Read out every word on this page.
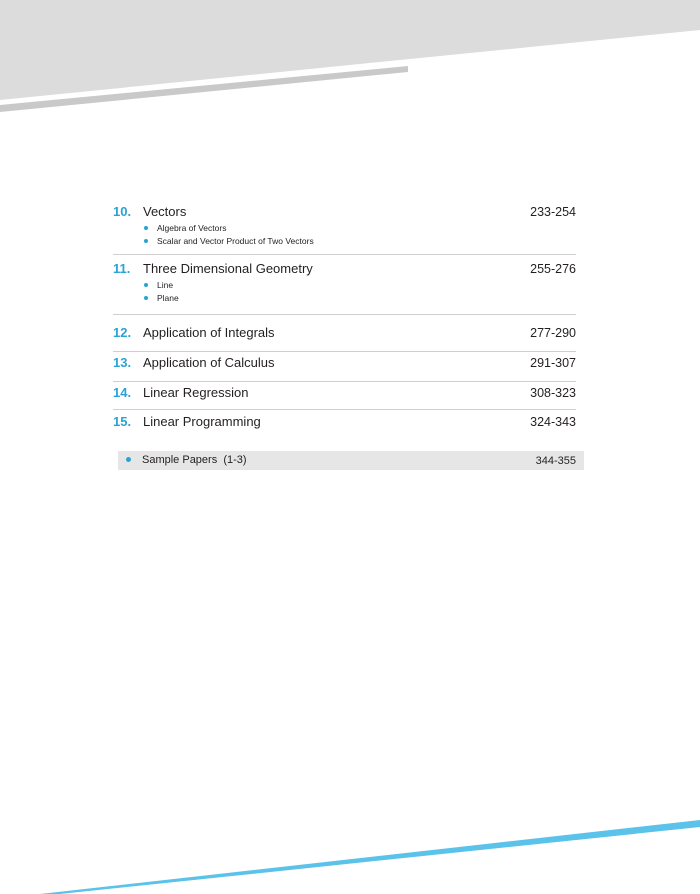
10. Vectors	233-254
Algebra of Vectors
Scalar and Vector Product of Two Vectors
11. Three Dimensional Geometry	255-276
Line
Plane
12. Application of Integrals	277-290
13. Application of Calculus	291-307
14. Linear Regression	308-323
15. Linear Programming	324-343
Sample Papers  (1-3)	344-355
